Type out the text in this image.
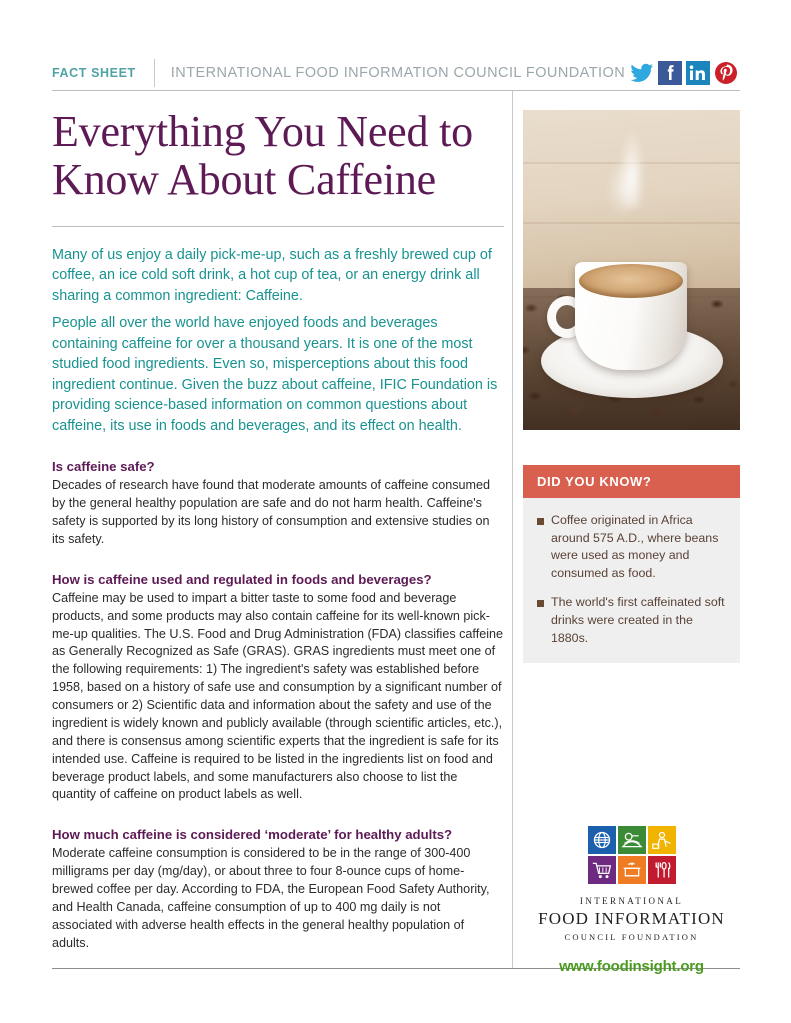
FACT SHEET INTERNATIONAL FOOD INFORMATION COUNCIL FOUNDATION
Everything You Need to Know About Caffeine

Many of us enjoy a daily pick-me-up, such as a freshly brewed cup of coffee, an ice cold soft drink, a hot cup of tea, or an energy drink all sharing a common ingredient: Caffeine.

People all over the world have enjoyed foods and beverages containing caffeine for over a thousand years. It is one of the most studied food ingredients. Even so, misperceptions about this food ingredient continue. Given the buzz about caffeine, IFIC Foundation is providing science-based information on common questions about caffeine, its use in foods and beverages, and its effect on health.

Is caffeine safe?

Decades of research have found that moderate amounts of caffeine consumed by the general healthy population are safe and do not harm health. Caffeine's safety is supported by its long history of consumption and extensive studies on its safety.

How is caffeine used and regulated in foods and beverages?

Caffeine may be used to impart a bitter taste to some food and beverage products, and some products may also contain caffeine for its well-known pick-me-up qualities. The U.S. Food and Drug Administration (FDA) classifies caffeine as Generally Recognized as Safe (GRAS). GRAS ingredients must meet one of the following requirements: 1) The ingredient's safety was established before 1958, based on a history of safe use and consumption by a significant number of consumers or 2) Scientific data and information about the safety and use of the ingredient is widely known and publicly available (through scientific articles, etc.), and there is consensus among scientific experts that the ingredient is safe for its intended use. Caffeine is required to be listed in the ingredients list on food and beverage product labels, and some manufacturers also choose to list the quantity of caffeine on product labels as well.

How much caffeine is considered ‘moderate’ for healthy adults?

Moderate caffeine consumption is considered to be in the range of 300-400 milligrams per day (mg/day), or about three to four 8-ounce cups of home-brewed coffee per day. According to FDA, the European Food Safety Authority, and Health Canada, caffeine consumption of up to 400 mg daily is not associated with adverse health effects in the general healthy population of adults.

DID YOU KNOW?
Coffee originated in Africa around 575 A.D., where beans were used as money and consumed as food.
The world's first caffeinated soft drinks were created in the 1880s.
INTERNATIONAL
FOOD INFORMATION
COUNCIL FOUNDATION
www.foodinsight.org
